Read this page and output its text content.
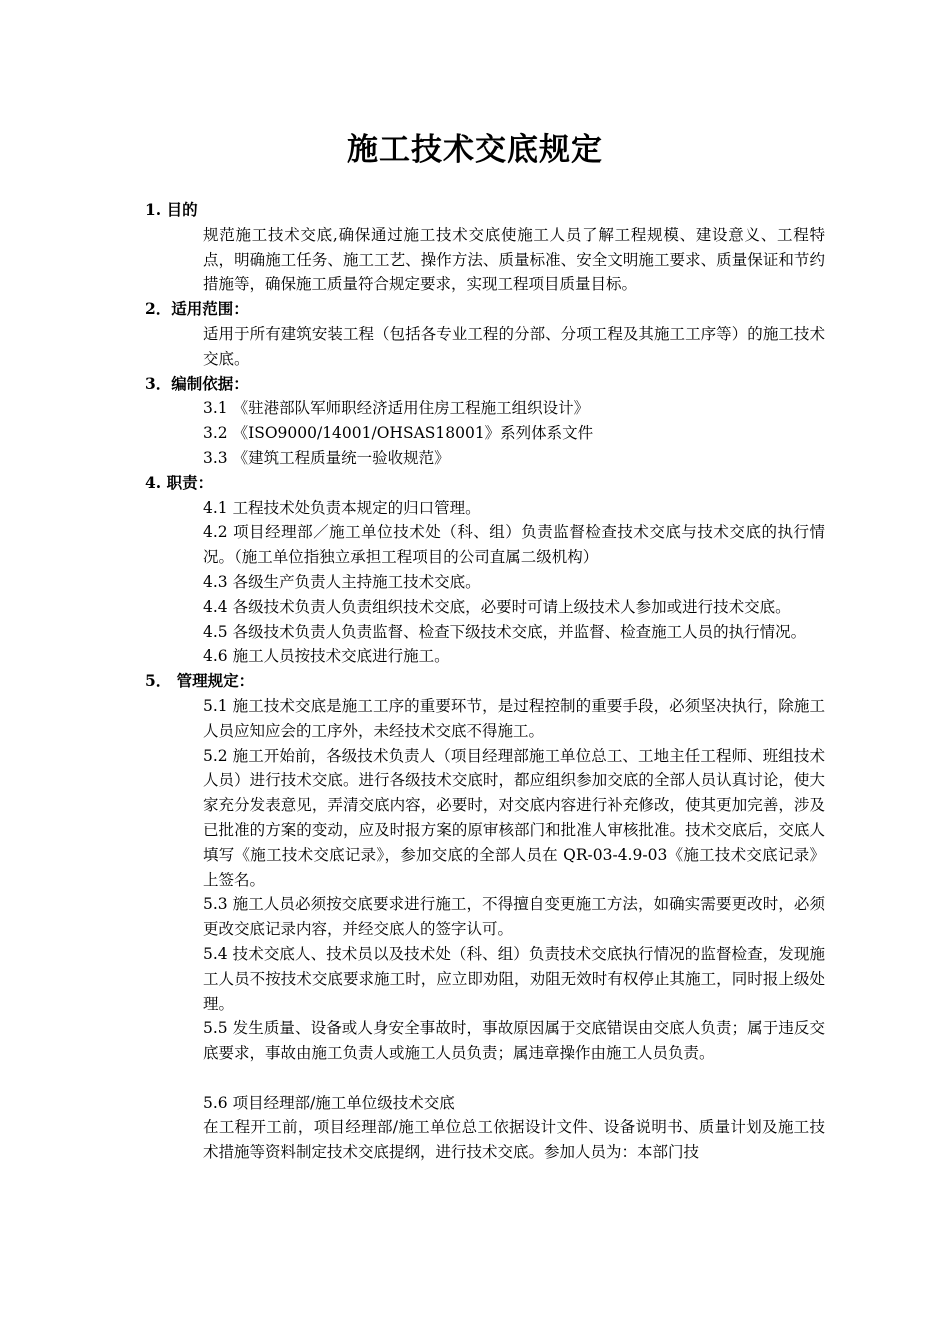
施工技术交底规定

1. 目的

规范施工技术交底,确保通过施工技术交底使施工人员了解工程规模、建设意义、工程特点，明确施工任务、施工工艺、操作方法、质量标准、安全文明施工要求、质量保证和节约措施等，确保施工质量符合规定要求，实现工程项目质量目标。

2．适用范围：

适用于所有建筑安装工程（包括各专业工程的分部、分项工程及其施工工序等）的施工技术交底。

3．编制依据：

3.1 《驻港部队军师职经济适用住房工程施工组织设计》

3.2 《ISO9000/14001/OHSAS18001》系列体系文件

3.3 《建筑工程质量统一验收规范》

4. 职责：

4.1 工程技术处负责本规定的归口管理。

4.2 项目经理部／施工单位技术处（科、组）负责监督检查技术交底与技术交底的执行情况。（施工单位指独立承担工程项目的公司直属二级机构）

4.3 各级生产负责人主持施工技术交底。

4.4 各级技术负责人负责组织技术交底，必要时可请上级技术人参加或进行技术交底。

4.5 各级技术负责人负责监督、检查下级技术交底，并监督、检查施工人员的执行情况。

4.6 施工人员按技术交底进行施工。

5． 管理规定：

5.1 施工技术交底是施工工序的重要环节，是过程控制的重要手段，必须坚决执行，除施工人员应知应会的工序外，未经技术交底不得施工。

5.2 施工开始前，各级技术负责人（项目经理部施工单位总工、工地主任工程师、班组技术人员）进行技术交底。进行各级技术交底时，都应组织参加交底的全部人员认真讨论，使大家充分发表意见，弄清交底内容，必要时，对交底内容进行补充修改，使其更加完善，涉及已批准的方案的变动，应及时报方案的原审核部门和批准人审核批准。技术交底后，交底人填写《施工技术交底记录》，参加交底的全部人员在 QR-03-4.9-03《施工技术交底记录》上签名。

5.3 施工人员必须按交底要求进行施工，不得擅自变更施工方法，如确实需要更改时，必须更改交底记录内容，并经交底人的签字认可。

5.4 技术交底人、技术员以及技术处（科、组）负责技术交底执行情况的监督检查，发现施工人员不按技术交底要求施工时，应立即劝阻，劝阻无效时有权停止其施工，同时报上级处理。

5.5 发生质量、设备或人身安全事故时，事故原因属于交底错误由交底人负责；属于违反交底要求，事故由施工负责人或施工人员负责；属违章操作由施工人员负责。

5.6 项目经理部/施工单位级技术交底

在工程开工前，项目经理部/施工单位总工依据设计文件、设备说明书、质量计划及施工技术措施等资料制定技术交底提纲，进行技术交底。参加人员为：本部门技
